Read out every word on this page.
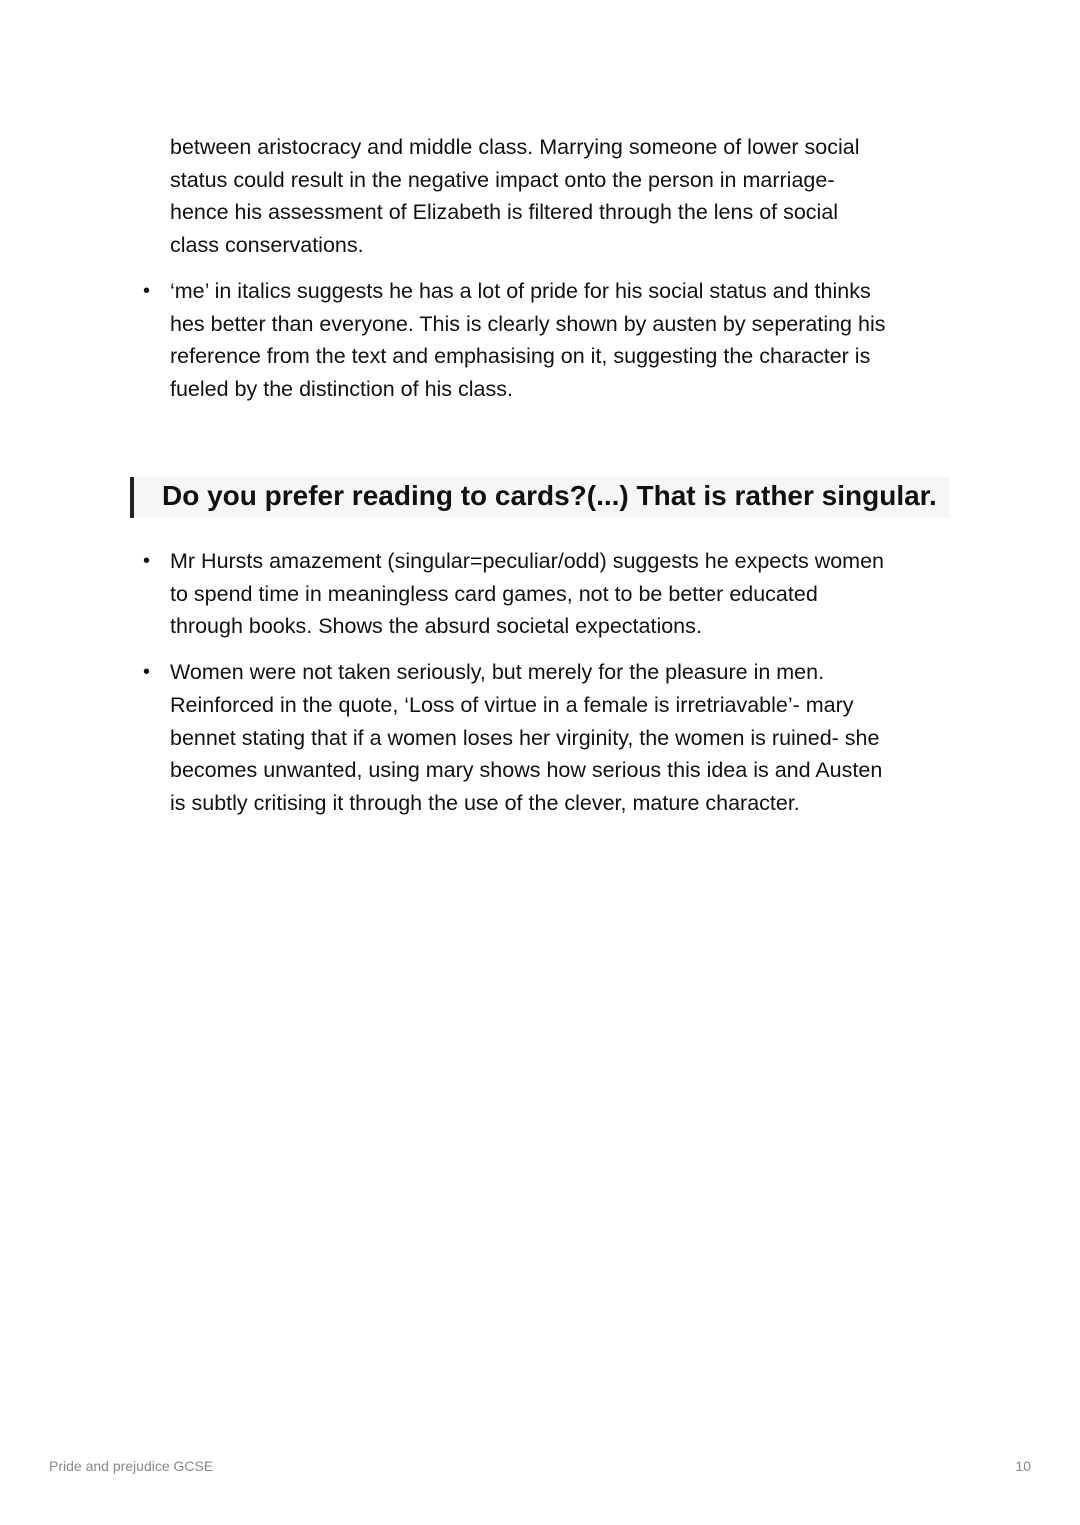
between aristocracy and middle class. Marrying someone of lower social
status could result in the negative impact onto the person in marriage-
hence his assessment of Elizabeth is filtered through the lens of social
class conservations.
• ‘me’ in italics suggests he has a lot of pride for his social status and thinks
hes better than everyone. This is clearly shown by austen by seperating his
reference from the text and emphasising on it, suggesting the character is
fueled by the distinction of his class.
Do you prefer reading to cards?(...) That is rather singular.
• Mr Hursts amazement (singular=peculiar/odd) suggests he expects women
to spend time in meaningless card games, not to be better educated
through books. Shows the absurd societal expectations.
• Women were not taken seriously, but merely for the pleasure in men.
Reinforced in the quote, ‘Loss of virtue in a female is irretriavable’- mary
bennet stating that if a women loses her virginity, the women is ruined- she
becomes unwanted, using mary shows how serious this idea is and Austen
is subtly critising it through the use of the clever, mature character.
Pride and prejudice GCSE	10
